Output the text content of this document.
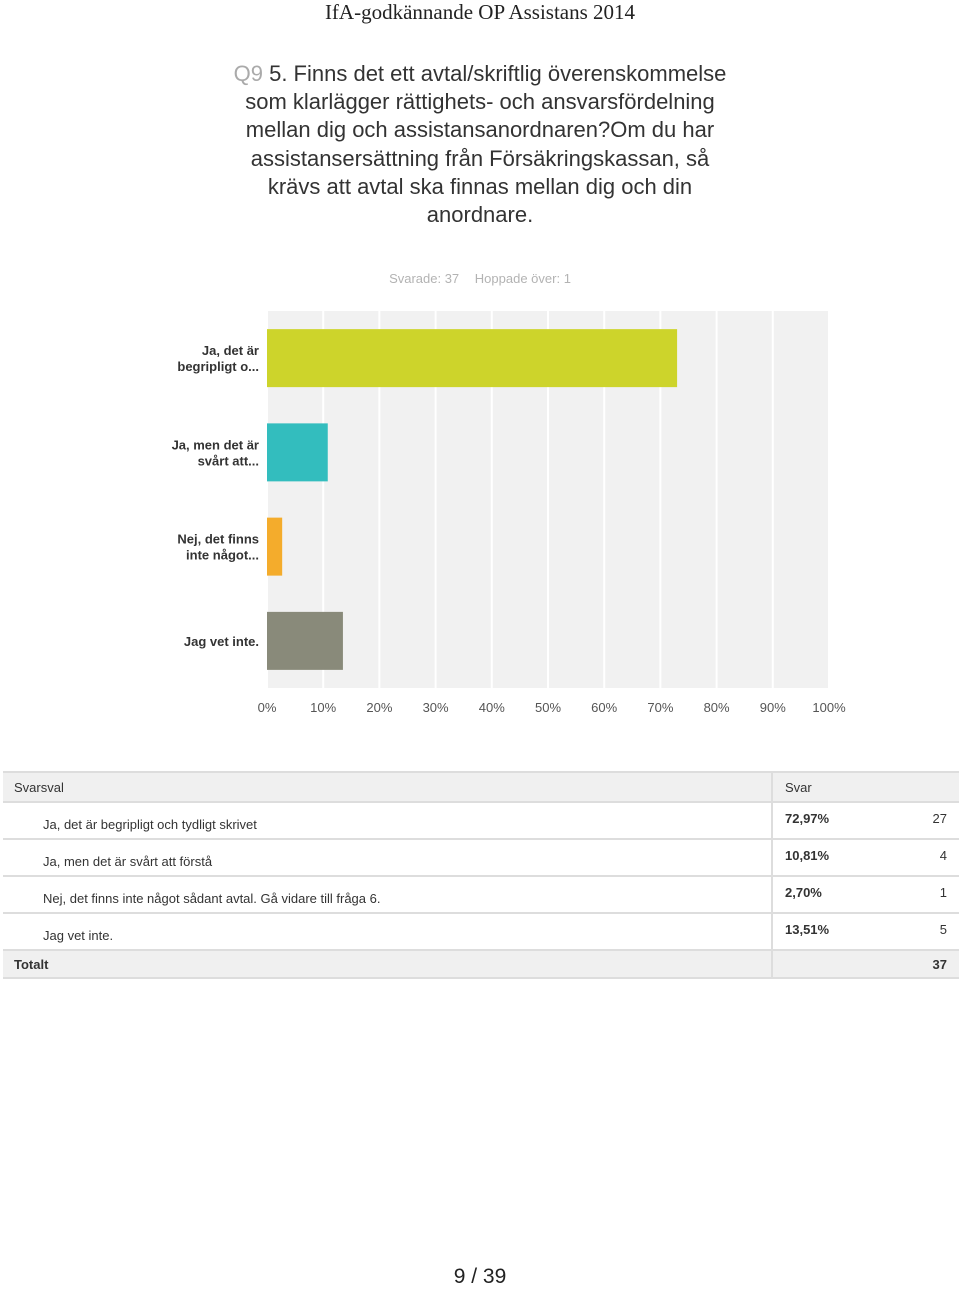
IfA-godkännande OP Assistans 2014
Q9 5. Finns det ett avtal/skriftlig överenskommelse som klarlägger rättighets- och ansvarsfördelning mellan dig och assistansanordnaren?Om du har assistansersättning från Försäkringskassan, så krävs att avtal ska finnas mellan dig och din anordnare.
Svarade: 37 Hoppade över: 1
0%	10% 20% 30% 40% 50% 60% 70% 80% 90% 100%
Ja, det är
begripligt o...
Ja, men det är
svårt att...
Nej, det finns
inte något...
Jag vet inte.
Svarsval	Svar	
Ja, det är begripligt och tydligt skrivet	72,97%	27
Ja, men det är svårt att förstå	10,81%	4
Nej, det finns inte något sådant avtal. Gå vidare till fråga 6.	2,70%	1
Jag vet inte.	13,51%	5
Totalt		37
9 / 39
